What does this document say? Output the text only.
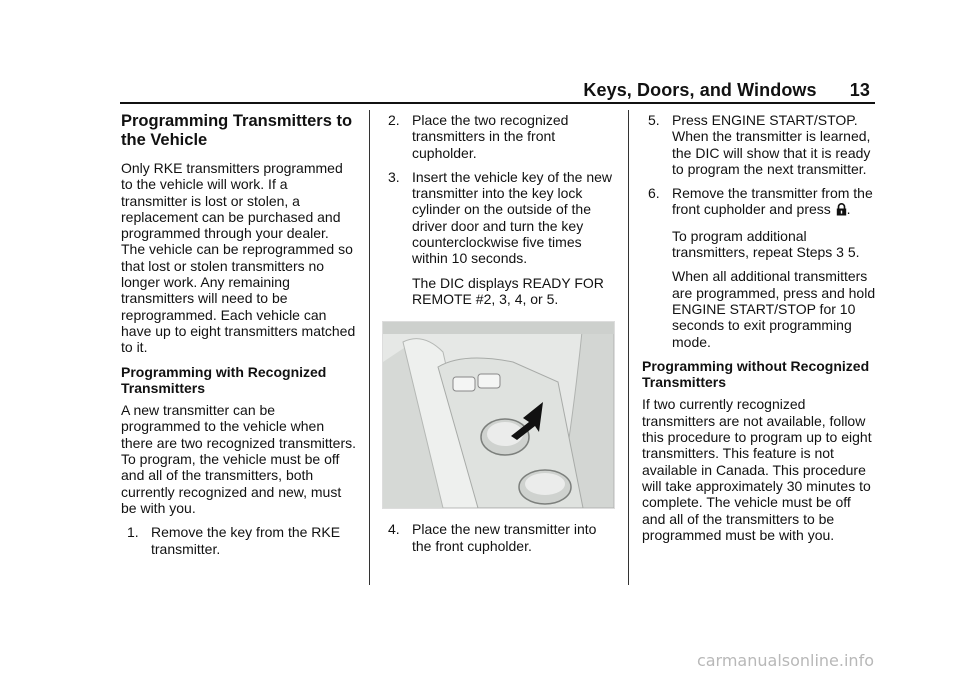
Keys, Doors, and Windows 13
Programming Transmitters to the Vehicle

Only RKE transmitters programmed to the vehicle will work. If a transmitter is lost or stolen, a replacement can be purchased and programmed through your dealer. The vehicle can be reprogrammed so that lost or stolen transmitters no longer work. Any remaining transmitters will need to be reprogrammed. Each vehicle can have up to eight transmitters matched to it.

Programming with Recognized Transmitters

A new transmitter can be programmed to the vehicle when there are two recognized transmitters. To program, the vehicle must be off and all of the transmitters, both currently recognized and new, must be with you.

1. Remove the key from the RKE transmitter.
2. Place the two recognized transmitters in the front cupholder.
3. Insert the vehicle key of the new transmitter into the key lock cylinder on the outside of the driver door and turn the key counterclockwise five times within 10 seconds.
The DIC displays READY FOR REMOTE #2, 3, 4, or 5.
4. Place the new transmitter into the front cupholder.
5. Press ENGINE START/STOP. When the transmitter is learned, the DIC will show that it is ready to program the next transmitter.
6. Remove the transmitter from the front cupholder and press .
To program additional transmitters, repeat Steps 3 5.
When all additional transmitters are programmed, press and hold ENGINE START/STOP for 10 seconds to exit programming mode.
Programming without Recognized Transmitters

If two currently recognized transmitters are not available, follow this procedure to program up to eight transmitters. This feature is not available in Canada. This procedure will take approximately 30 minutes to complete. The vehicle must be off and all of the transmitters to be programmed must be with you.

carmanualsonline.info
